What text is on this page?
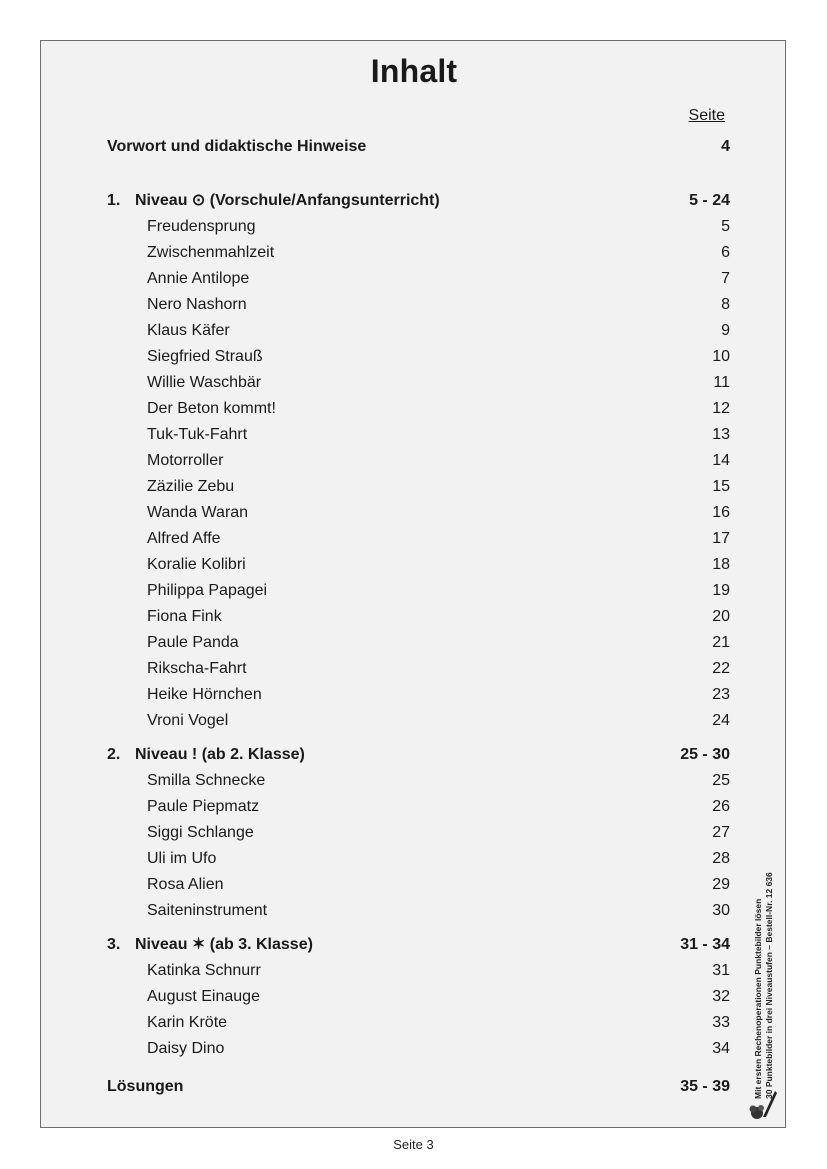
Inhalt
Seite
Vorwort und didaktische Hinweise	4
1. Niveau ⊙ (Vorschule/Anfangsunterricht)	5 - 24
Freudensprung	5
Zwischenmahlzeit	6
Annie Antilope	7
Nero Nashorn	8
Klaus Käfer	9
Siegfried Strauß	10
Willie Waschbär	11
Der Beton kommt!	12
Tuk-Tuk-Fahrt	13
Motorroller	14
Zäzilie Zebu	15
Wanda Waran	16
Alfred Affe	17
Koralie Kolibri	18
Philippa Papagei	19
Fiona Fink	20
Paule Panda	21
Rikscha-Fahrt	22
Heike Hörnchen	23
Vroni Vogel	24
2. Niveau ! (ab 2. Klasse)	25 - 30
Smilla Schnecke	25
Paule Piepmatz	26
Siggi Schlange	27
Uli im Ufo	28
Rosa Alien	29
Saiteninstrument	30
3. Niveau ✶ (ab 3. Klasse)	31 - 34
Katinka Schnurr	31
August Einauge	32
Karin Kröte	33
Daisy Dino	34
Lösungen	35 - 39	Mit ersten Rechenoperationen Punktebilder lösen 30 Punktebilder in drei Niveaustufen – Bestell-Nr. 12 636
Seite 3
